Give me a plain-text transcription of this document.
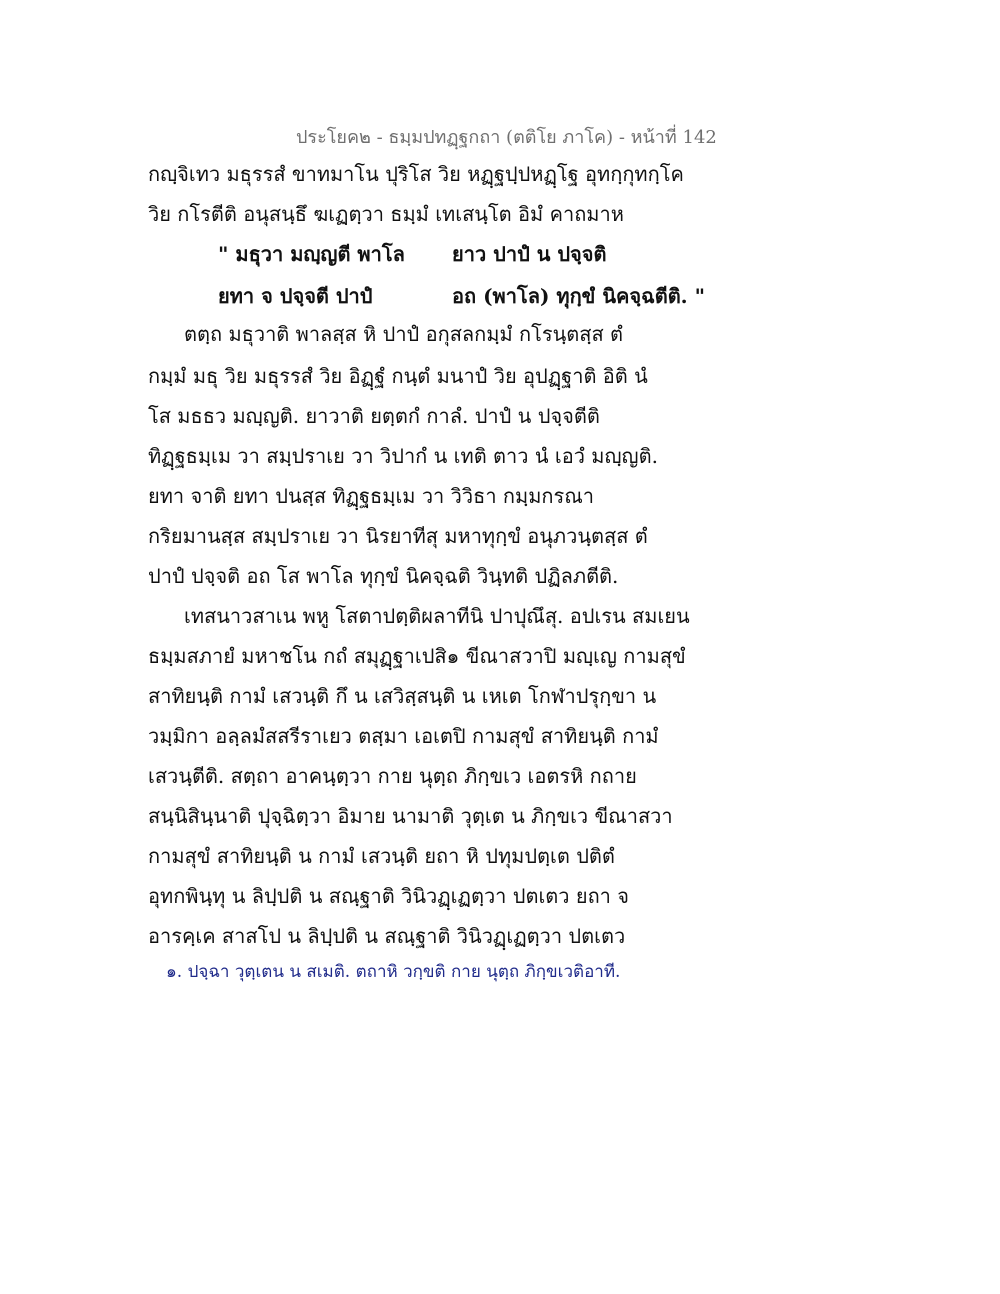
ประโยค๒ - ธมฺมปทฏฺฐกถา (ตติโย ภาโค) - หน้าที่ 142
กญฺจิเทว มธุรรสํ ขาทมาโน ปุริโส วิย หฏฺฐปฺปหฏฺโฐ อุทกฺกุทกฺโค
วิย กโรตีติ อนุสนฺธึ ฆเฏตฺวา ธมฺมํ เทเสนฺโต อิมํ คาถมาห
" มธุวา มญฺญตี พาโล ยาว ปาปํ น ปจฺจติ
ยทา จ ปจฺจตี ปาปํ	อถ (พาโล) ทุกฺขํ นิคจฺฉตีติ. "
ตตฺถ มธุวาติ พาลสฺส หิ ปาปํ อกุสลกมฺมํ กโรนฺตสฺส ตํ
กมฺมํ มธุ วิย มธุรรสํ วิย อิฏฺฐํ กนฺตํ มนาปํ วิย อุปฏฺฐาติ อิติ นํ
โส มธธว มญฺญติ. ยาวาติ ยตฺตกํ กาลํ. ปาปํ น ปจฺจตีติ
ทิฏฺฐธมฺเม วา สมฺปราเย วา วิปากํ น เทติ ตาว นํ เอวํ มญฺญติ.
ยทา จาติ ยทา ปนสฺส ทิฏฺฐธมฺเม วา วิวิธา กมฺมกรณา
กริยมานสฺส สมฺปราเย วา นิรยาทีสุ มหาทุกฺขํ อนุภวนฺตสฺส ตํ
ปาปํ ปจฺจติ อถ โส พาโล ทุกฺขํ นิคจฺฉติ วินฺทติ ปฏิลภตีติ.
เทสนาวสาเน พหู โสตาปตฺติผลาทีนิ ปาปุณึสุ. อปเรน สมเยน
ธมฺมสภายํ มหาชโน กถํ สมุฏฺฐาเปสิ๑ ขีณาสวาปิ มญฺเญ กามสุขํ
สาทิยนฺติ กามํ เสวนฺติ กึ น เสวิสฺสนฺติ น เหเต โกฬาปรุกฺขา น
วมฺมิกา อลฺลมํสสรีราเยว ตสฺมา เอเตปิ กามสุขํ สาทิยนฺติ กามํ
เสวนฺตีติ. สตฺถา อาคนฺตฺวา กาย นุตฺถ ภิกฺขเว เอตรหิ กถาย
สนฺนิสินฺนาติ ปุจฺฉิตฺวา อิมาย นามาติ วุตฺเต น ภิกฺขเว ขีณาสวา
กามสุขํ สาทิยนฺติ น กามํ เสวนฺติ ยถา หิ ปทุมปตฺเต ปติตํ
อุทกพินฺทุ น ลิปฺปติ น สณฺฐาติ วินิวฏฺเฏตฺวา ปตเตว ยถา จ
อารคฺเค สาสโป น ลิปฺปติ น สณฺฐาติ วินิวฏฺเฏตฺวา ปตเตว
๑. ปจฺฉา วุตฺเตน น สเมติ. ตถาหิ วกฺขติ กาย นุตฺถ ภิกฺขเวติอาที.
